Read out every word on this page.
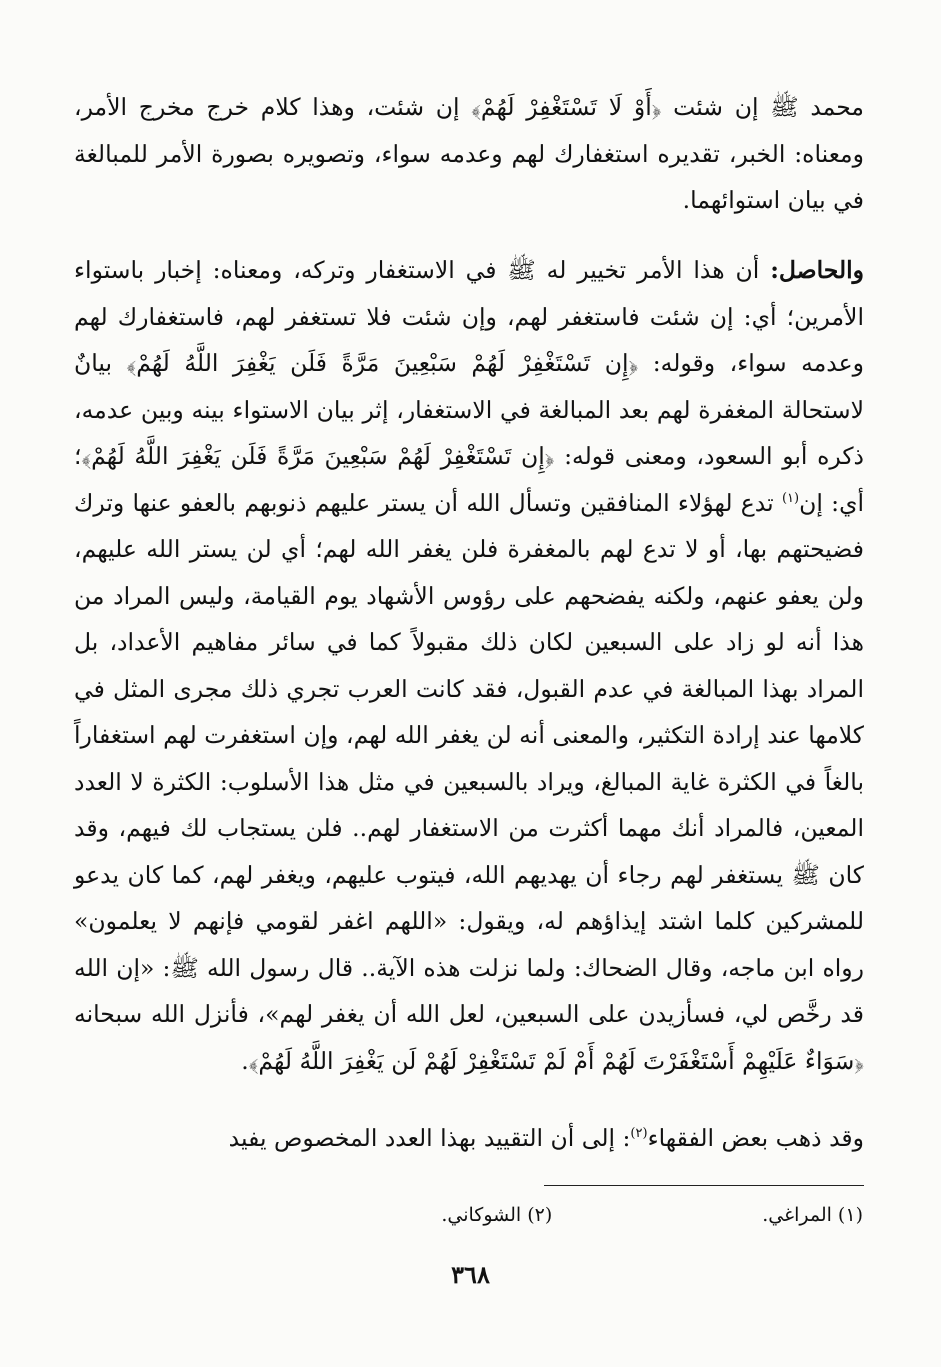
محمد ﷺ إن شئت ﴿أَوْ لَا تَسْتَغْفِرْ لَهُمْ﴾ إن شئت، وهذا كلام خرج مخرج الأمر، ومعناه: الخبر، تقديره استغفارك لهم وعدمه سواء، وتصويره بصورة الأمر للمبالغة في بيان استوائهما.

والحاصل: أن هذا الأمر تخيير له ﷺ في الاستغفار وتركه، ومعناه: إخبار باستواء الأمرين؛ أي: إن شئت فاستغفر لهم، وإن شئت فلا تستغفر لهم، فاستغفارك لهم وعدمه سواء، وقوله: ﴿إِن تَسْتَغْفِرْ لَهُمْ سَبْعِينَ مَرَّةً فَلَن يَغْفِرَ اللَّهُ لَهُمْ﴾ بيانٌ لاستحالة المغفرة لهم بعد المبالغة في الاستغفار، إثر بيان الاستواء بينه وبين عدمه، ذكره أبو السعود، ومعنى قوله: ﴿إِن تَسْتَغْفِرْ لَهُمْ سَبْعِينَ مَرَّةً فَلَن يَغْفِرَ اللَّهُ لَهُمْ﴾؛ أي: إن$^{(١)}$ تدع لهؤلاء المنافقين وتسأل الله أن يستر عليهم ذنوبهم بالعفو عنها وترك فضيحتهم بها، أو لا تدع لهم بالمغفرة فلن يغفر الله لهم؛ أي لن يستر الله عليهم، ولن يعفو عنهم، ولكنه يفضحهم على رؤوس الأشهاد يوم القيامة، وليس المراد من هذا أنه لو زاد على السبعين لكان ذلك مقبولاً كما في سائر مفاهيم الأعداد، بل المراد بهذا المبالغة في عدم القبول، فقد كانت العرب تجري ذلك مجرى المثل في كلامها عند إرادة التكثير، والمعنى أنه لن يغفر الله لهم، وإن استغفرت لهم استغفاراً بالغاً في الكثرة غاية المبالغ، ويراد بالسبعين في مثل هذا الأسلوب: الكثرة لا العدد المعين، فالمراد أنك مهما أكثرت من الاستغفار لهم.. فلن يستجاب لك فيهم، وقد كان ﷺ يستغفر لهم رجاء أن يهديهم الله، فيتوب عليهم، ويغفر لهم، كما كان يدعو للمشركين كلما اشتد إيذاؤهم له، ويقول: «اللهم اغفر لقومي فإنهم لا يعلمون» رواه ابن ماجه، وقال الضحاك: ولما نزلت هذه الآية.. قال رسول الله ﷺ: «إن الله قد رخَّص لي، فسأزيدن على السبعين، لعل الله أن يغفر لهم»، فأنزل الله سبحانه ﴿سَوَاءٌ عَلَيْهِمْ أَسْتَغْفَرْتَ لَهُمْ أَمْ لَمْ تَسْتَغْفِرْ لَهُمْ لَن يَغْفِرَ اللَّهُ لَهُمْ﴾.

وقد ذهب بعض الفقهاء$^{(٢)}$: إلى أن التقييد بهذا العدد المخصوص يفيد

(١) المراغي.
(٢) الشوكاني.
٣٦٨
